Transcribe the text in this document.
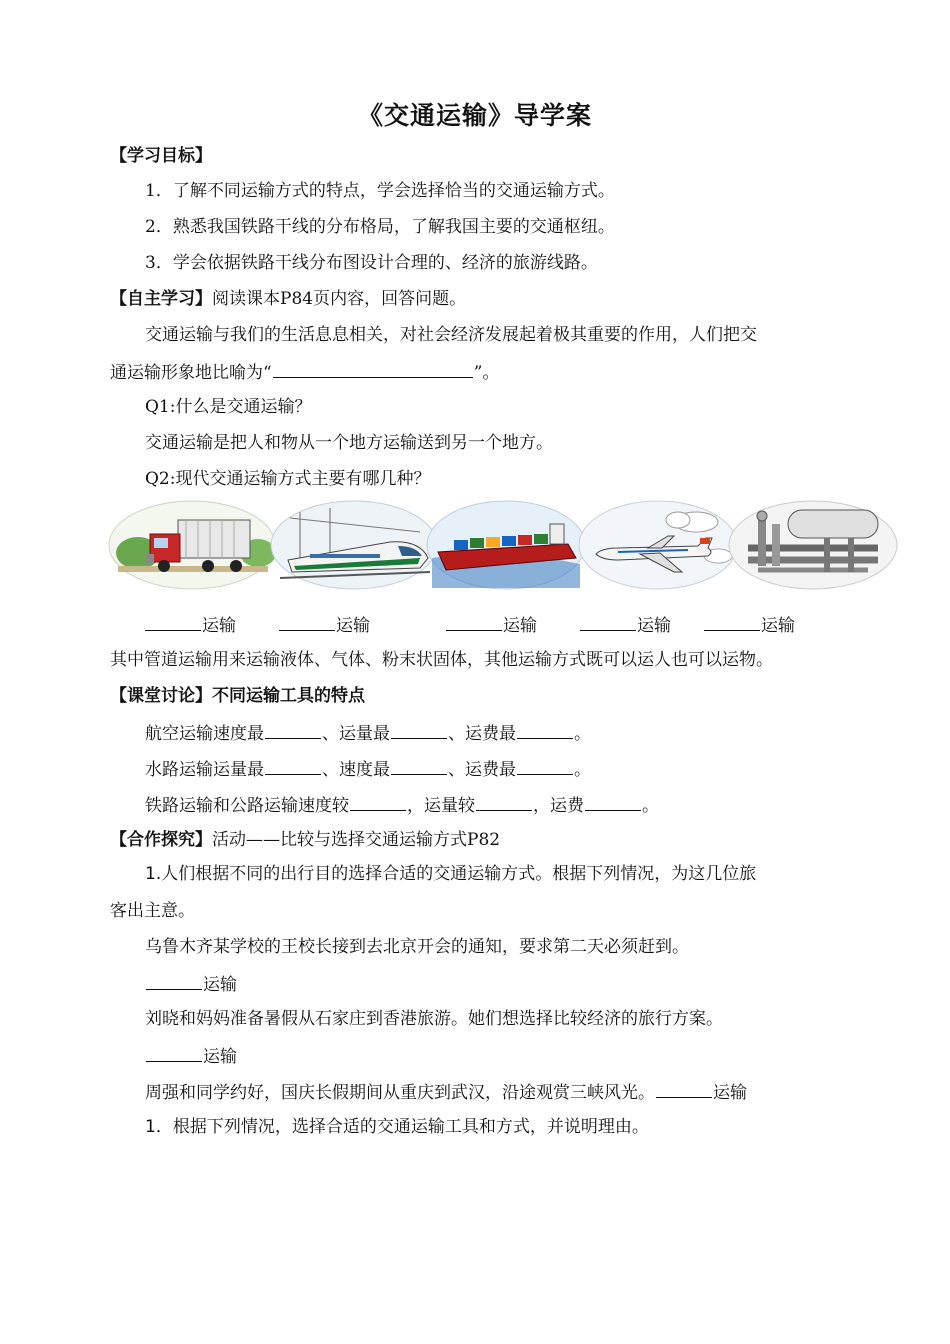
《交通运输》导学案
【学习目标】
1．了解不同运输方式的特点，学会选择恰当的交通运输方式。
2．熟悉我国铁路干线的分布格局，了解我国主要的交通枢纽。
3．学会依据铁路干线分布图设计合理的、经济的旅游线路。
【自主学习】阅读课本P84页内容，回答问题。
交通运输与我们的生活息息相关，对社会经济发展起着极其重要的作用，人们把交
通运输形象地比喻为“	”。
Q1:什么是交通运输？
交通运输是把人和物从一个地方运输送到另一个地方。
Q2:现代交通运输方式主要有哪几种？
运输	运输	运输	运输	运输
其中管道运输用来运输液体、气体、粉末状固体，其他运输方式既可以运人也可以运物。
【课堂讨论】不同运输工具的特点
航空运输速度最	、运量最	、运费最	。
水路运输运量最	、速度最	、运费最	。
铁路运输和公路运输速度较	，运量较	，运费	。
【合作探究】活动——比较与选择交通运输方式P82
1.人们根据不同的出行目的选择合适的交通运输方式。根据下列情况，为这几位旅
客出主意。
乌鲁木齐某学校的王校长接到去北京开会的通知，要求第二天必须赶到。
运输
刘晓和妈妈准备暑假从石家庄到香港旅游。她们想选择比较经济的旅行方案。
运输
周强和同学约好，国庆长假期间从重庆到武汉，沿途观赏三峡风光。	运输
1．根据下列情况，选择合适的交通运输工具和方式，并说明理由。
